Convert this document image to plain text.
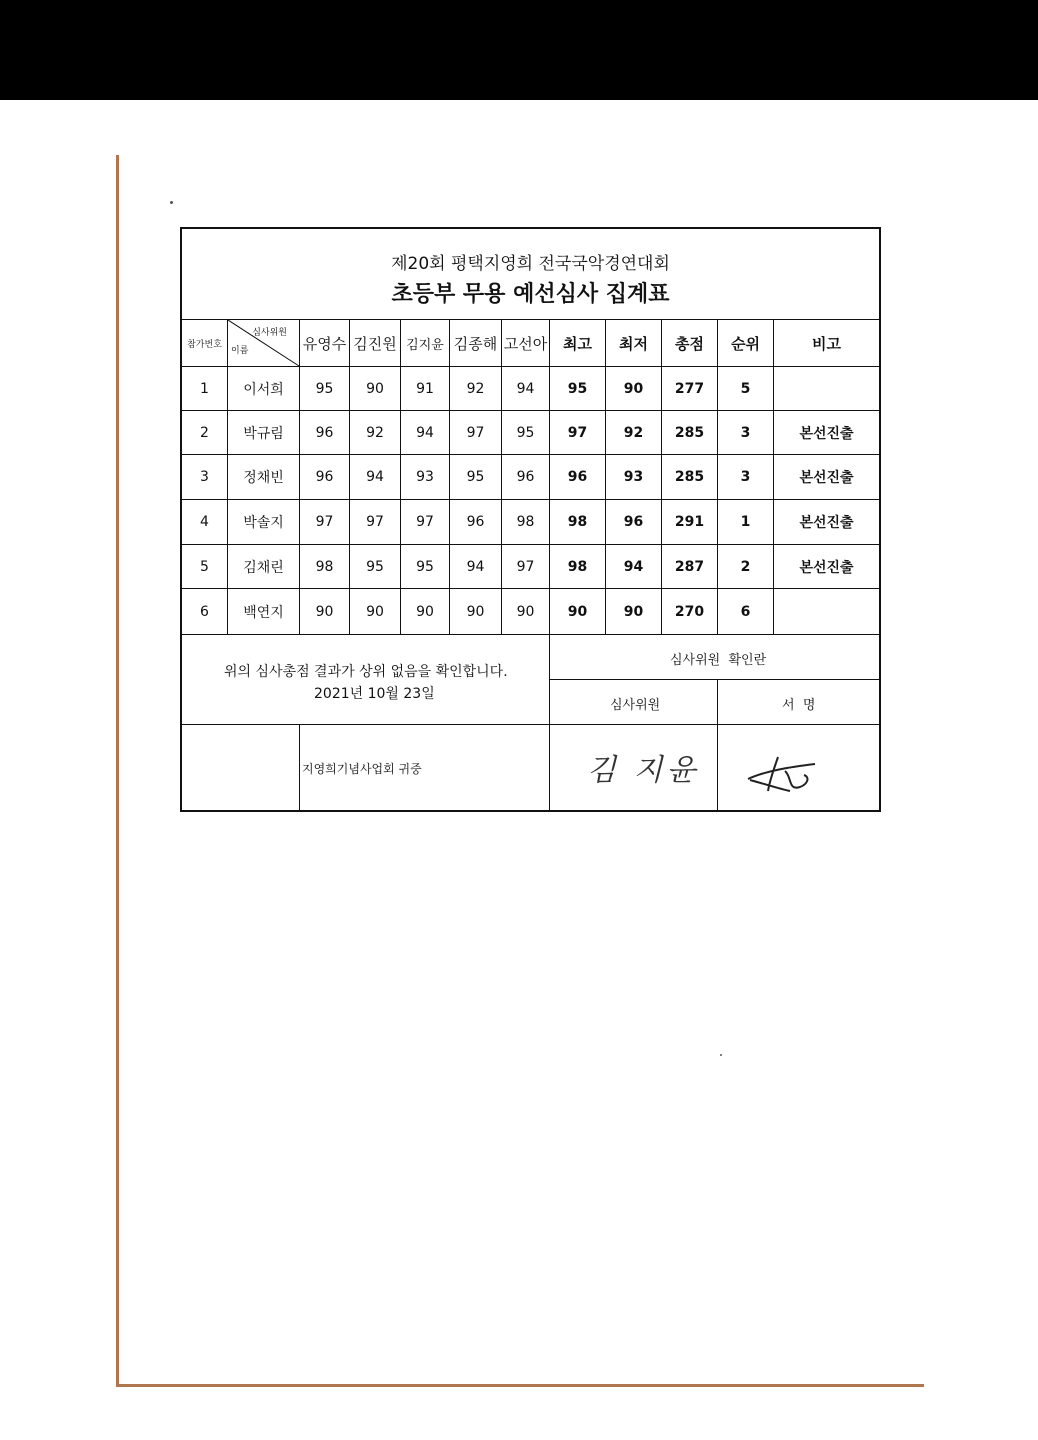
제20회 평택지영희 전국국악경연대회
초등부 무용 예선심사 집계표
참가번호
심사위원
이름	유영수 김진원 김지윤 김종해 고선아	최고	최저	총점	순위	비고
1	이서희	95	90	91	92	94	95	90	277	5
2	박규림	96	92	94	97	95	97	92	285	3	본선진출
3	정채빈	96	94	93	95	96	96	93	285	3	본선진출
4	박솔지	97	97	97	96	98	98	96	291	1	본선진출
5	김채린	98	95	95	94	97	98	94	287	2	본선진출
6	백연지	90	90	90	90	90	90	90	270	6
위의 심사총점 결과가 상위 없음을 확인합니다.
2021년 10월 23일
심사위원  확인란
심사위원	서  명
지영희기념사업회 귀중	김 지윤
